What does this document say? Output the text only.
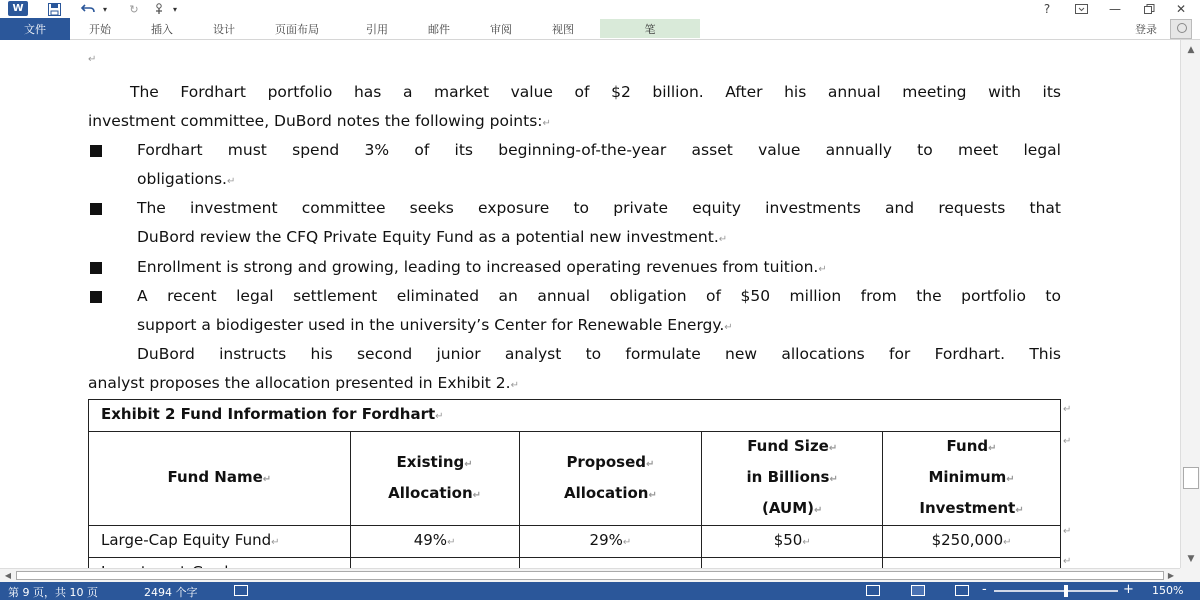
W	▾	↻	▾	?	—	✕
文件	开始	插入	设计	页面布局	引用	邮件	审阅	视图	笔	登录
↵
The Fordhart portfolio has a market value of $2 billion. After his annual meeting with its
investment committee, DuBord notes the following points:↵
Fordhart must spend 3% of its beginning-of-the-year asset value annually to meet legal
obligations.↵
The investment committee seeks exposure to private equity investments and requests that
DuBord review the CFQ Private Equity Fund as a potential new investment.↵
Enrollment is strong and growing, leading to increased operating revenues from tuition.↵
A recent legal settlement eliminated an annual obligation of $50 million from the portfolio to
support a biodigester used in the university’s Center for Renewable Energy.↵
DuBord instructs his second junior analyst to formulate new allocations for Fordhart. This
analyst proposes the allocation presented in Exhibit 2.↵
Exhibit 2 Fund Information for Fordhart↵				
Fund Name↵	Existing↵
Allocation↵	Proposed↵
Allocation↵	Fund Size↵
in Billions↵
(AUM)↵	Fund↵
Minimum↵
Investment↵
Large-Cap Equity Fund↵	49%↵	29%↵	$50↵	$250,000↵

↵
↵
↵
↵
▲
▼
◀	▶
第 9 页，共 10 页	2494 个字	-	+ 150%
